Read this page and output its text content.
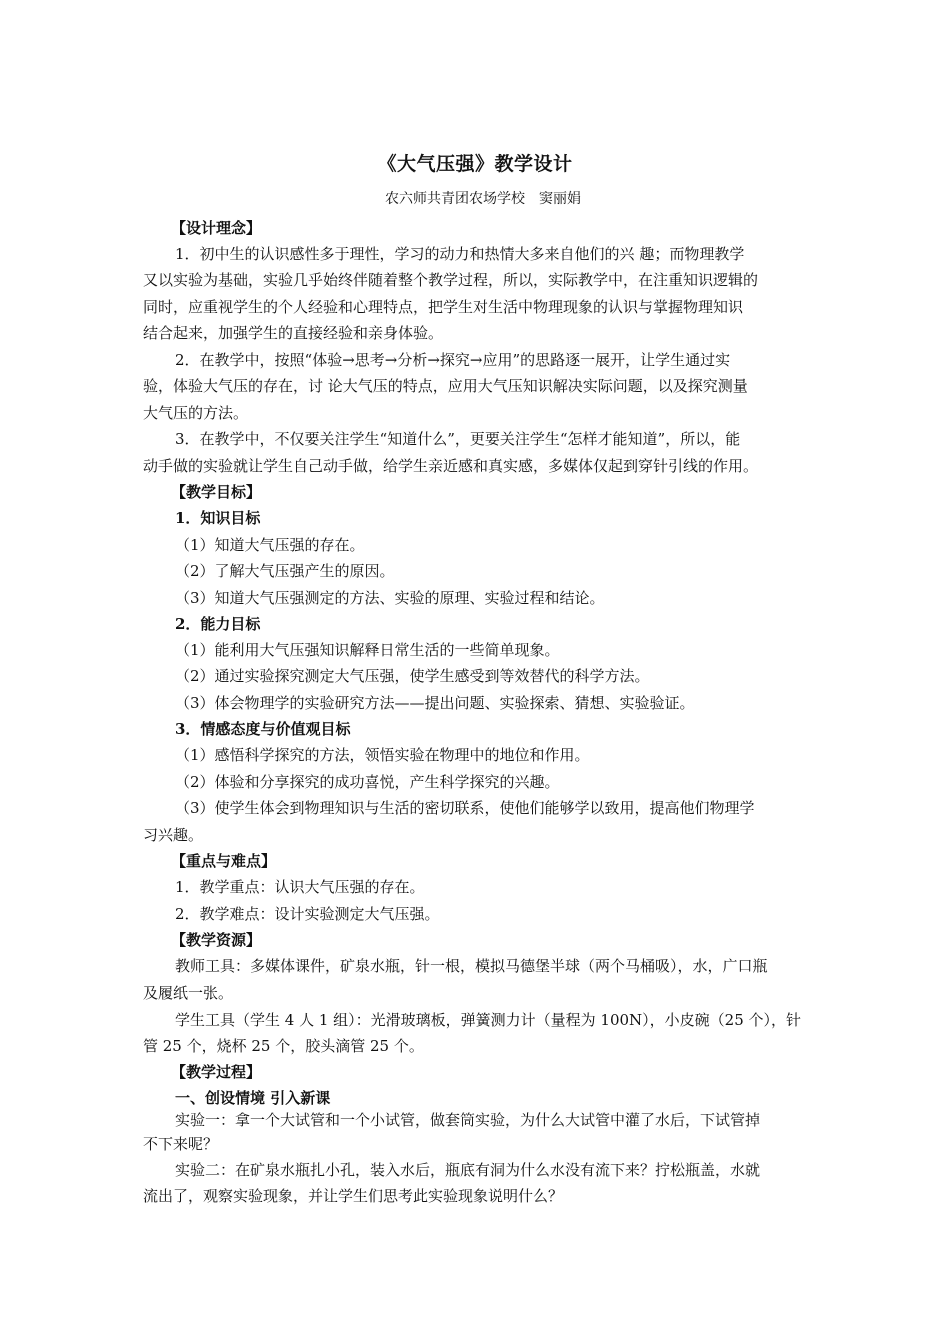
《大气压强》教学设计
农六师共青团农场学校　窦丽娟
【设计理念】
1．初中生的认识感性多于理性，学习的动力和热情大多来自他们的兴 趣；而物理教学
又以实验为基础，实验几乎始终伴随着整个教学过程，所以，实际教学中，在注重知识逻辑的
同时，应重视学生的个人经验和心理特点，把学生对生活中物理现象的认识与掌握物理知识
结合起来，加强学生的直接经验和亲身体验。
2．在教学中，按照“体验→思考→分析→探究→应用”的思路逐一展开，让学生通过实
验，体验大气压的存在，讨 论大气压的特点，应用大气压知识解决实际问题，以及探究测量
大气压的方法。
3．在教学中，不仅要关注学生“知道什么”，更要关注学生“怎样才能知道”，所以，能
动手做的实验就让学生自己动手做，给学生亲近感和真实感，多媒体仅起到穿针引线的作用。
【教学目标】
1．知识目标
（1）知道大气压强的存在。
（2）了解大气压强产生的原因。
（3）知道大气压强测定的方法、实验的原理、实验过程和结论。
2．能力目标
（1）能利用大气压强知识解释日常生活的一些简单现象。
（2）通过实验探究测定大气压强，使学生感受到等效替代的科学方法。
（3）体会物理学的实验研究方法——提出问题、实验探索、猜想、实验验证。
3．情感态度与价值观目标
（1）感悟科学探究的方法，领悟实验在物理中的地位和作用。
（2）体验和分享探究的成功喜悦，产生科学探究的兴趣。
（3）使学生体会到物理知识与生活的密切联系，使他们能够学以致用，提高他们物理学
习兴趣。
【重点与难点】
1．教学重点：认识大气压强的存在。
2．教学难点：设计实验测定大气压强。
【教学资源】
教师工具：多媒体课件，矿泉水瓶，针一根，模拟马德堡半球（两个马桶吸），水，广口瓶
及履纸一张。
学生工具（学生 4 人 1 组）：光滑玻璃板，弹簧测力计（量程为 100N），小皮碗（25 个），针
管 25 个，烧杯 25 个，胶头滴管 25 个。
【教学过程】
一、创设情境 引入新课
实验一：拿一个大试管和一个小试管，做套筒实验，为什么大试管中灌了水后，下试管掉
不下来呢？
实验二：在矿泉水瓶扎小孔，装入水后，瓶底有洞为什么水没有流下来？拧松瓶盖，水就
流出了，观察实验现象，并让学生们思考此实验现象说明什么？
